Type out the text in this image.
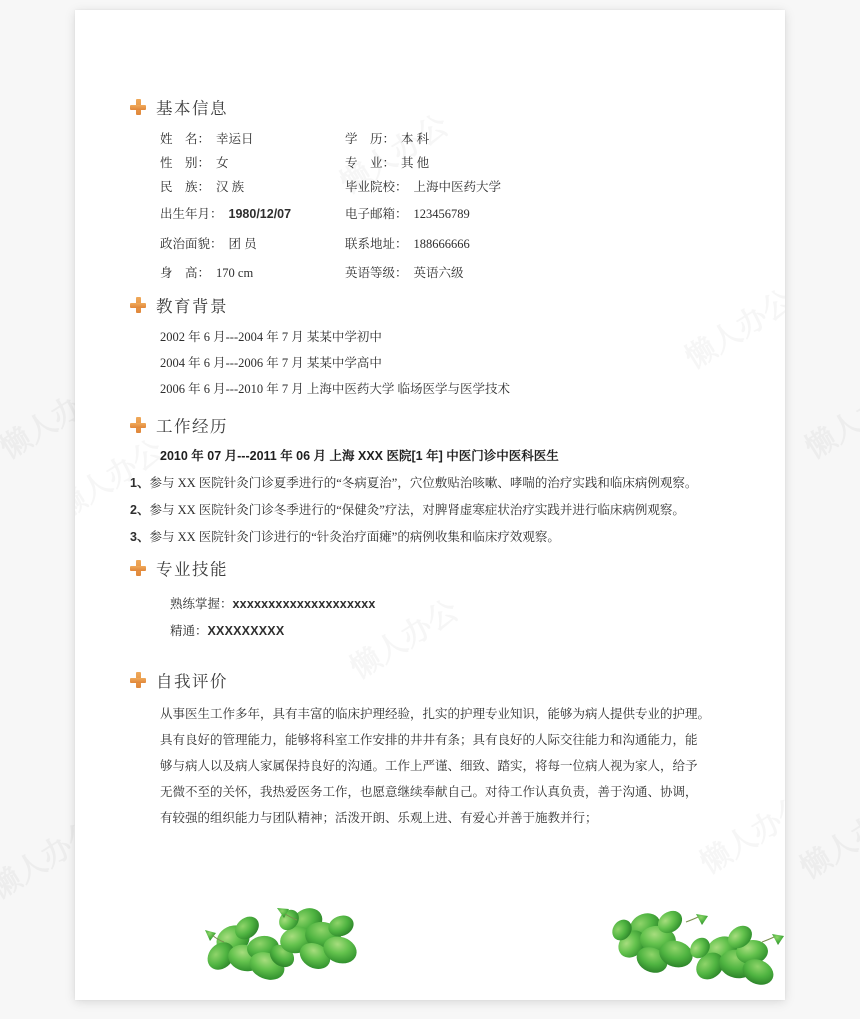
基本信息
姓    名： 幸运日	学    历： 本 科
性    别： 女	专    业： 其 他
民    族： 汉 族	毕业院校： 上海中医药大学
出生年月： 1980/12/07	电子邮箱： 123456789
政治面貌： 团 员	联系地址： 188666666
身    高： 170 cm	英语等级： 英语六级
教育背景
2002 年 6 月---2004 年 7 月 某某中学初中
2004 年 6 月---2006 年 7 月 某某中学高中
2006 年 6 月---2010 年 7 月 上海中医药大学 临场医学与医学技术
工作经历
2010 年 07 月---2011 年 06 月 上海 XXX 医院[1 年] 中医门诊中医科医生
1、参与 XX 医院针灸门诊夏季进行的“冬病夏治”，穴位敷贴治咳嗽、哮喘的治疗实践和临床病例观察。
2、参与 XX 医院针灸门诊冬季进行的“保健灸”疗法，对脾肾虚寒症状治疗实践并进行临床病例观察。
3、参与 XX 医院针灸门诊进行的“针灸治疗面瘫”的病例收集和临床疗效观察。
专业技能
熟练掌握：xxxxxxxxxxxxxxxxxxxx
精通：XXXXXXXXX
自我评价
从事医生工作多年，具有丰富的临床护理经验，扎实的护理专业知识，能够为病人提供专业的护理。
具有良好的管理能力，能够将科室工作安排的井井有条；具有良好的人际交往能力和沟通能力，能
够与病人以及病人家属保持良好的沟通。工作上严谨、细致、踏实，将每一位病人视为家人，给予
无微不至的关怀，我热爱医务工作，也愿意继续奉献自己。对待工作认真负责，善于沟通、协调，
有较强的组织能力与团队精神；活泼开朗、乐观上进、有爱心并善于施教并行；
